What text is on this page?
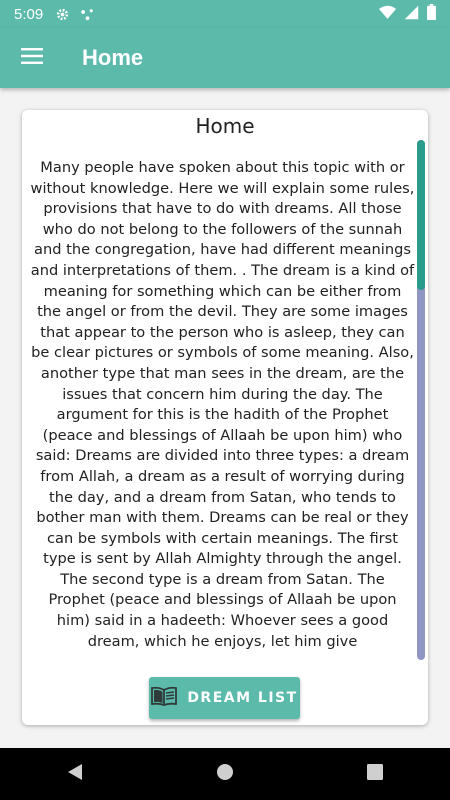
5:09
Home
Home

Many people have spoken about this topic with or without knowledge. Here we will explain some rules, provisions that have to do with dreams. All those who do not belong to the followers of the sunnah and the congregation, have had different meanings and interpretations of them. . The dream is a kind of meaning for something which can be either from the angel or from the devil. They are some images that appear to the person who is asleep, they can be clear pictures or symbols of some meaning. Also, another type that man sees in the dream, are the issues that concern him during the day. The argument for this is the hadith of the Prophet (peace and blessings of Allaah be upon him) who said: Dreams are divided into three types: a dream from Allah, a dream as a result of worrying during the day, and a dream from Satan, who tends to bother man with them. Dreams can be real or they can be symbols with certain meanings. The first type is sent by Allah Almighty through the angel. The second type is a dream from Satan. The Prophet (peace and blessings of Allaah be upon him) said in a hadeeth: Whoever sees a good dream, which he enjoys, let him give

DREAM LIST
